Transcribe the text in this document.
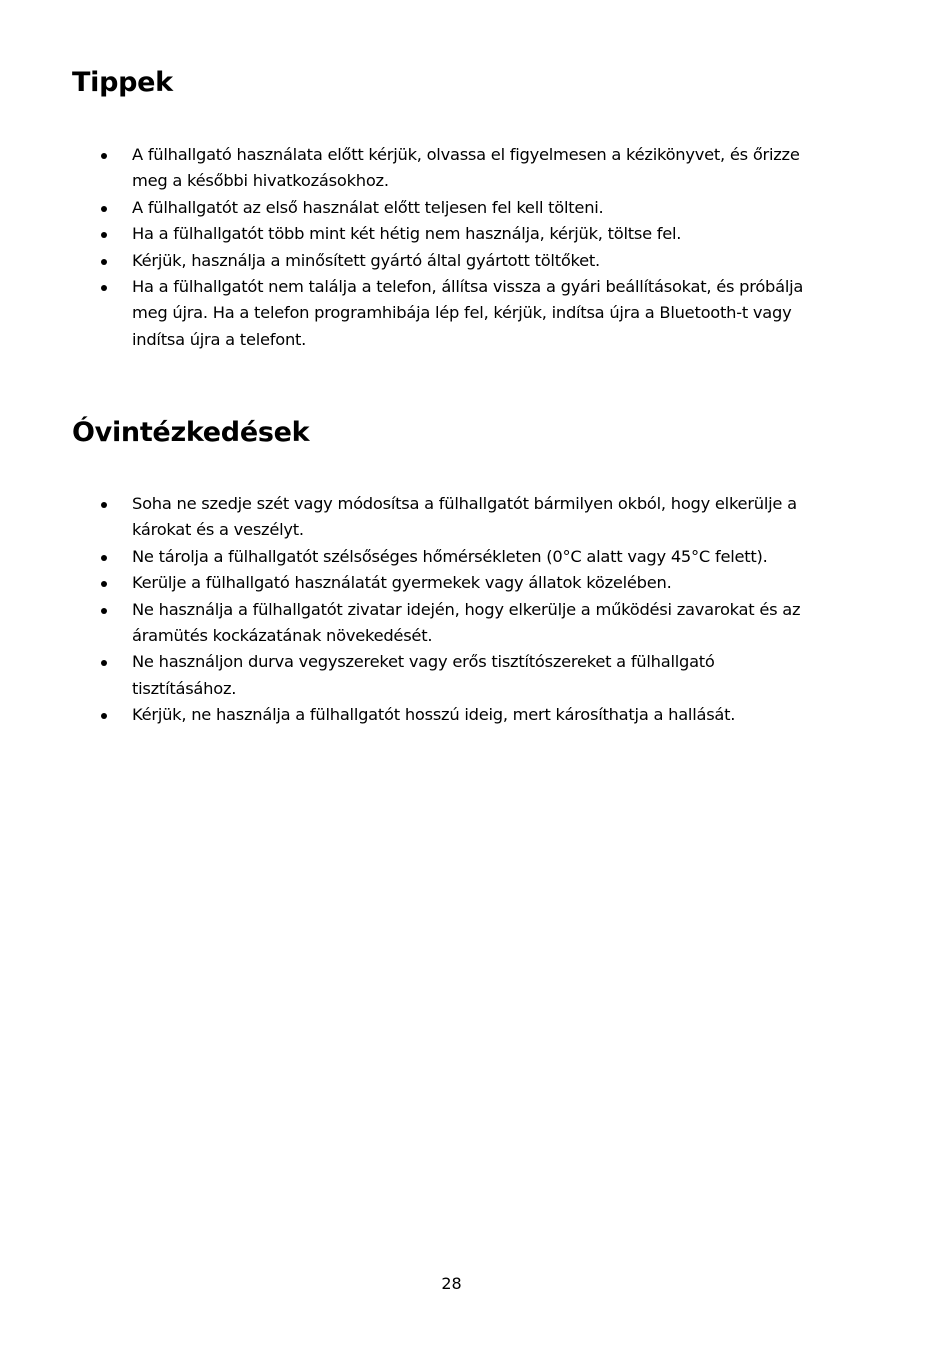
Tippek
A fülhallgató használata előtt kérjük, olvassa el figyelmesen a kézikönyvet, és őrizze meg a későbbi hivatkozásokhoz.
A fülhallgatót az első használat előtt teljesen fel kell tölteni.
Ha a fülhallgatót több mint két hétig nem használja, kérjük, töltse fel.
Kérjük, használja a minősített gyártó által gyártott töltőket.
Ha a fülhallgatót nem találja a telefon, állítsa vissza a gyári beállításokat, és próbálja meg újra. Ha a telefon programhibája lép fel, kérjük, indítsa újra a Bluetooth-t vagy indítsa újra a telefont.
Óvintézkedések
Soha ne szedje szét vagy módosítsa a fülhallgatót bármilyen okból, hogy elkerülje a károkat és a veszélyt.
Ne tárolja a fülhallgatót szélsőséges hőmérsékleten (0°C alatt vagy 45°C felett).
Kerülje a fülhallgató használatát gyermekek vagy állatok közelében.
Ne használja a fülhallgatót zivatar idején, hogy elkerülje a működési zavarokat és az áramütés kockázatának növekedését.
Ne használjon durva vegyszereket vagy erős tisztítószereket a fülhallgató tisztításához.
Kérjük, ne használja a fülhallgatót hosszú ideig, mert károsíthatja a hallását.
28
